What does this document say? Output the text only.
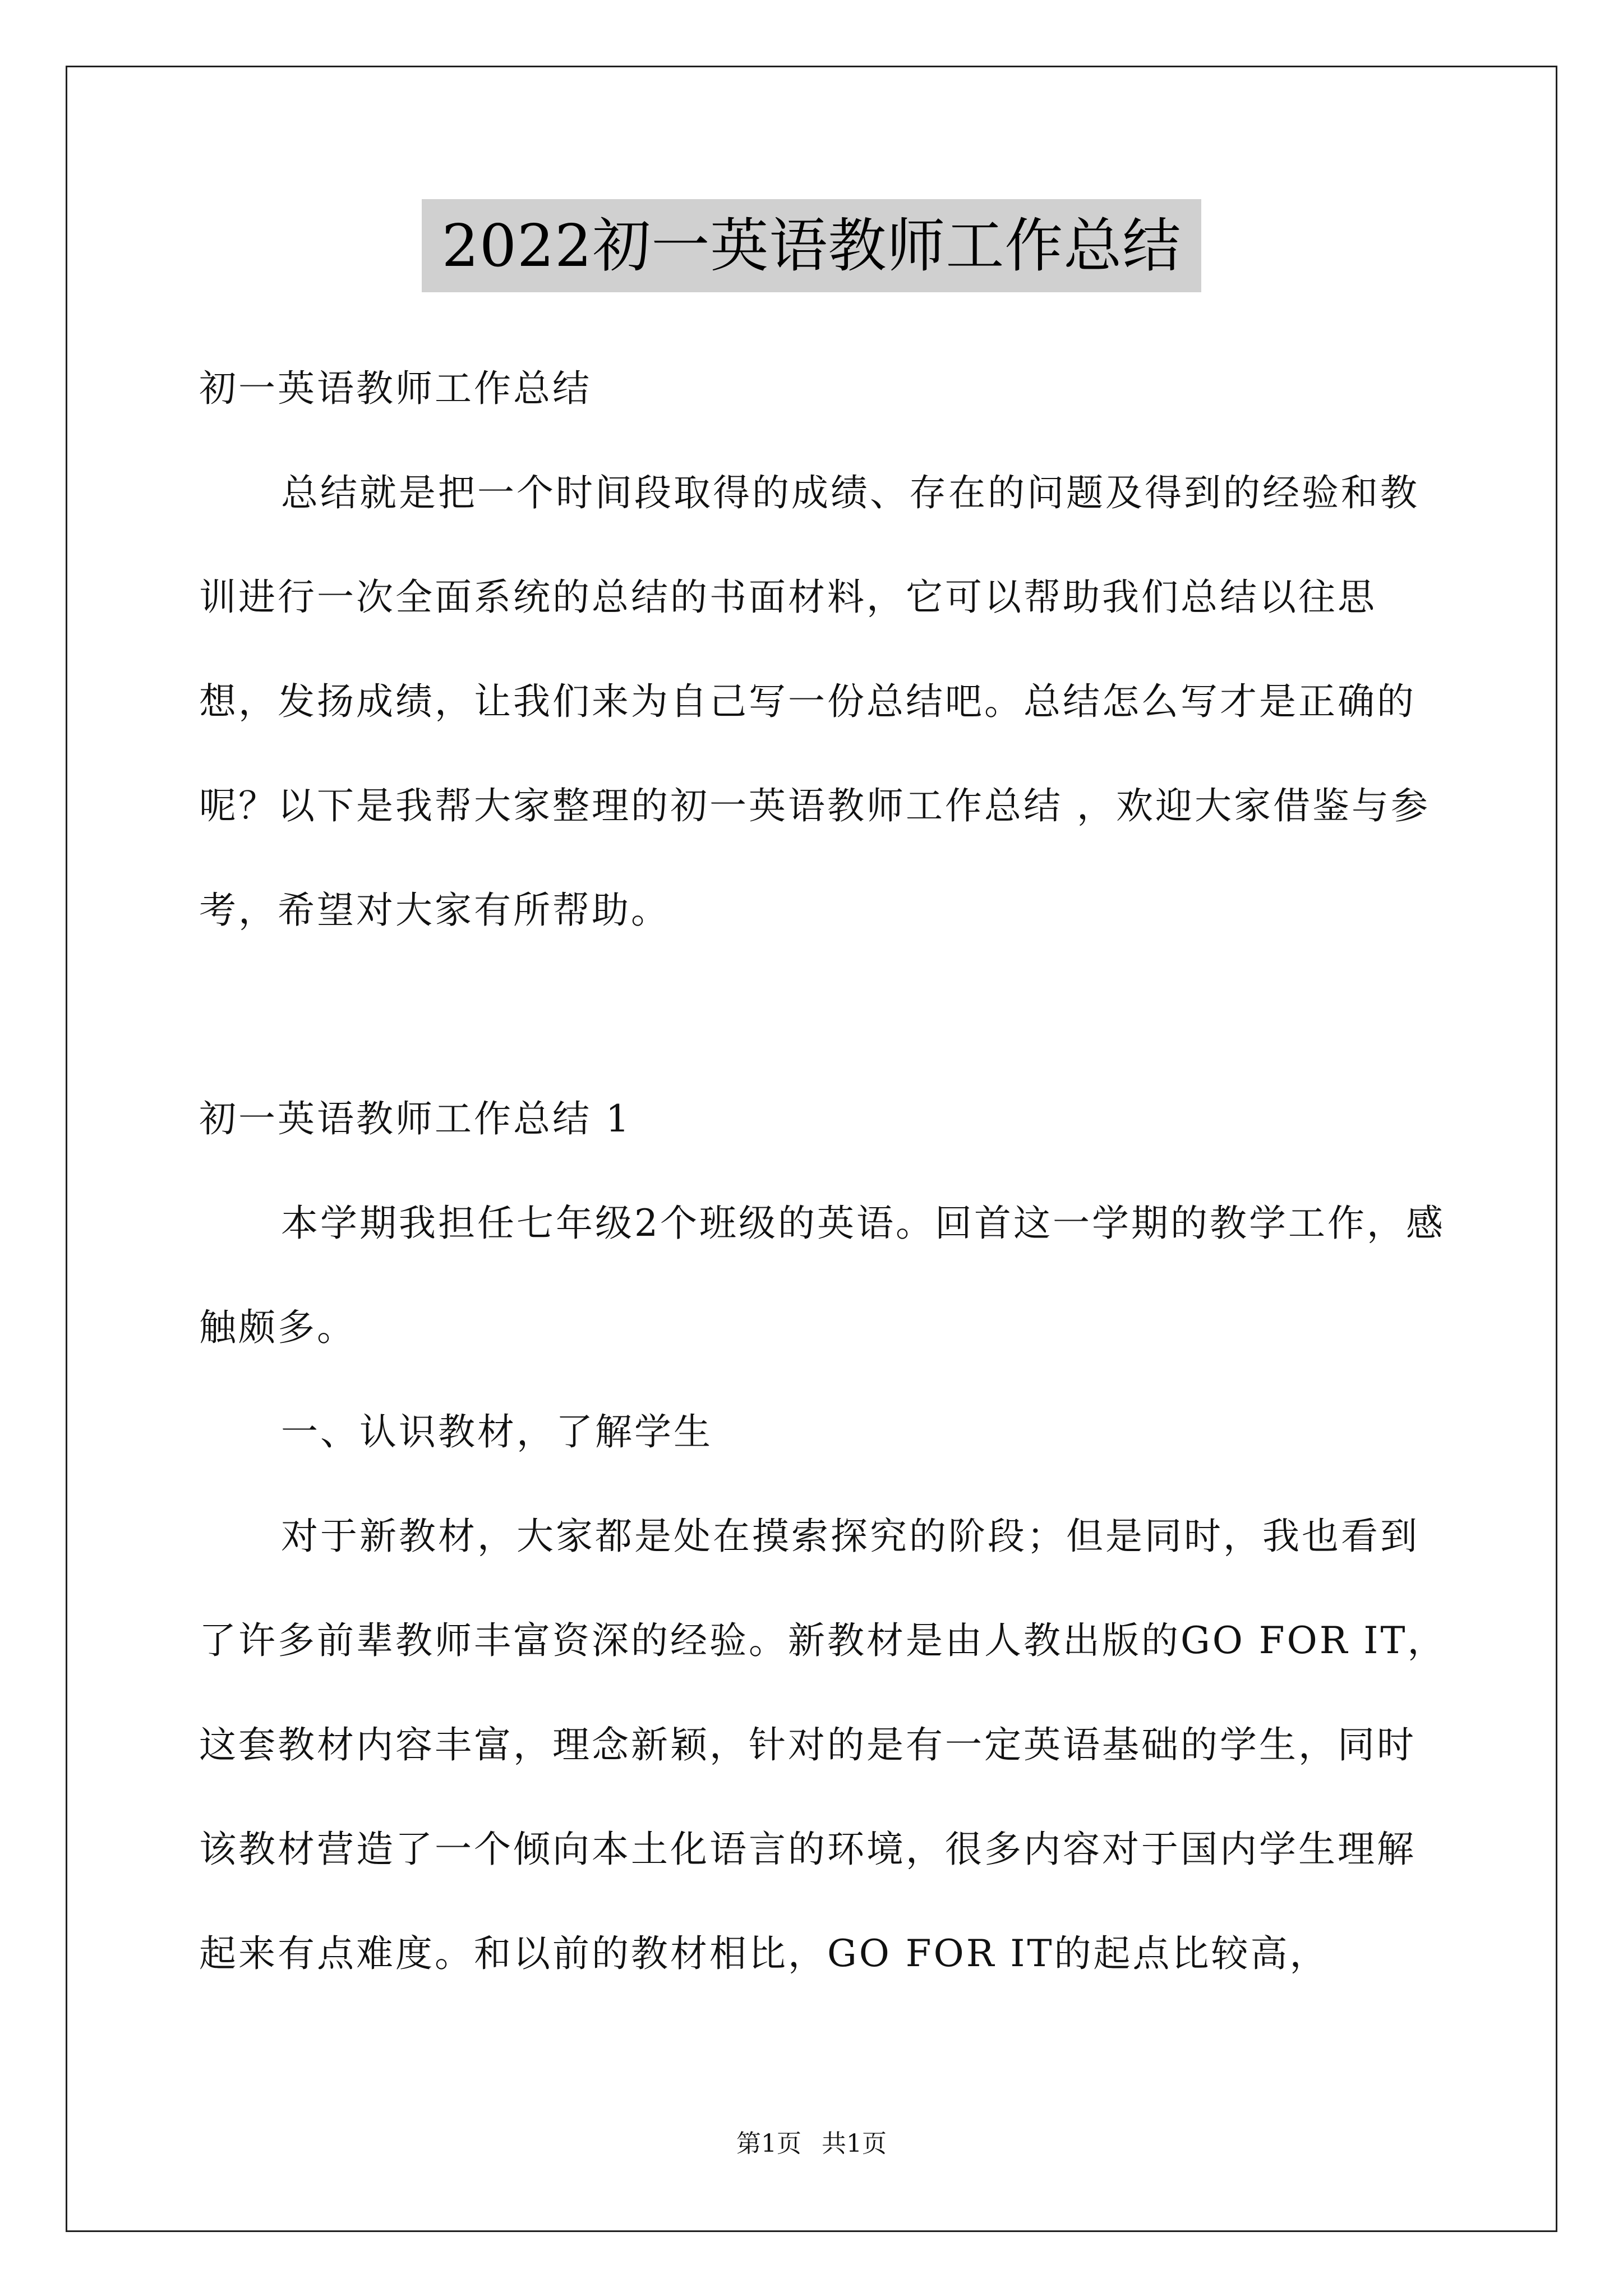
2022初一英语教师工作总结

初一英语教师工作总结

总结就是把一个时间段取得的成绩、存在的问题及得到的经验和教训进行一次全面系统的总结的书面材料，它可以帮助我们总结以往思想，发扬成绩，让我们来为自己写一份总结吧。总结怎么写才是正确的呢？以下是我帮大家整理的初一英语教师工作总结 ，欢迎大家借鉴与参考，希望对大家有所帮助。

初一英语教师工作总结 1

本学期我担任七年级2个班级的英语。回首这一学期的教学工作，感触颇多。

一、认识教材，了解学生

对于新教材，大家都是处在摸索探究的阶段；但是同时，我也看到了许多前辈教师丰富资深的经验。新教材是由人教出版的GO FOR IT，这套教材内容丰富，理念新颖，针对的是有一定英语基础的学生，同时该教材营造了一个倾向本土化语言的环境，很多内容对于国内学生理解起来有点难度。和以前的教材相比，GO FOR IT的起点比较高，

第1页 共1页
